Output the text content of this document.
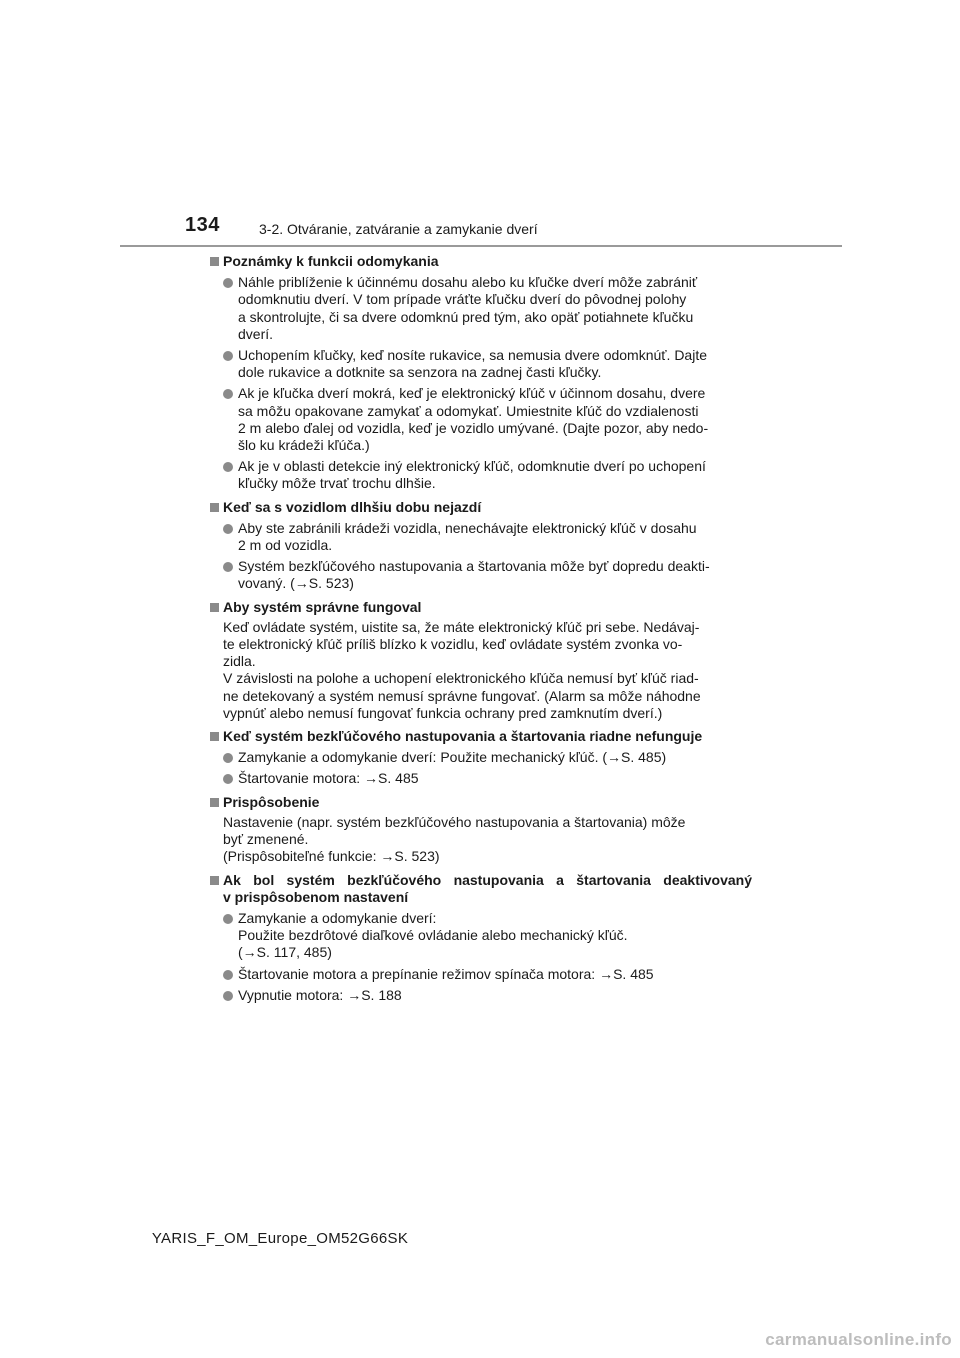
134	3-2. Otváranie, zatváranie a zamykanie dverí
Poznámky k funkcii odomykania
Náhle priblíženie k účinnému dosahu alebo ku kľučke dverí môže zabrániť
odomknutiu dverí. V tom prípade vráťte kľučku dverí do pôvodnej polohy
a skontrolujte, či sa dvere odomknú pred tým, ako opäť potiahnete kľučku
dverí.
Uchopením kľučky, keď nosíte rukavice, sa nemusia dvere odomknúť. Dajte
dole rukavice a dotknite sa senzora na zadnej časti kľučky.
Ak je kľučka dverí mokrá, keď je elektronický kľúč v účinnom dosahu, dvere
sa môžu opakovane zamykať a odomykať. Umiestnite kľúč do vzdialenosti
2 m alebo ďalej od vozidla, keď je vozidlo umývané. (Dajte pozor, aby nedo-
šlo ku krádeži kľúča.)
Ak je v oblasti detekcie iný elektronický kľúč, odomknutie dverí po uchopení
kľučky môže trvať trochu dlhšie.
Keď sa s vozidlom dlhšiu dobu nejazdí
Aby ste zabránili krádeži vozidla, nenechávajte elektronický kľúč v dosahu
2 m od vozidla.
Systém bezkľúčového nastupovania a štartovania môže byť dopredu deakti-
vovaný. (→S. 523)
Aby systém správne fungoval
Keď ovládate systém, uistite sa, že máte elektronický kľúč pri sebe. Nedávaj-
te elektronický kľúč príliš blízko k vozidlu, keď ovládate systém zvonka vo-
zidla.
V závislosti na polohe a uchopení elektronického kľúča nemusí byť kľúč riad-
ne detekovaný a systém nemusí správne fungovať. (Alarm sa môže náhodne
vypnúť alebo nemusí fungovať funkcia ochrany pred zamknutím dverí.)
Keď systém bezkľúčového nastupovania a štartovania riadne nefunguje
Zamykanie a odomykanie dverí: Použite mechanický kľúč. (→S. 485)
Štartovanie motora: →S. 485
Prispôsobenie
Nastavenie (napr. systém bezkľúčového nastupovania a štartovania) môže
byť zmenené.
(Prispôsobiteľné funkcie: →S. 523)
Ak bol systém bezkľúčového nastupovania a štartovania deaktivovaný
v prispôsobenom nastavení
Zamykanie a odomykanie dverí:
Použite bezdrôtové diaľkové ovládanie alebo mechanický kľúč.
(→S. 117, 485)
Štartovanie motora a prepínanie režimov spínača motora: →S. 485
Vypnutie motora: →S. 188
YARIS_F_OM_Europe_OM52G66SK
carmanualsonline.info
